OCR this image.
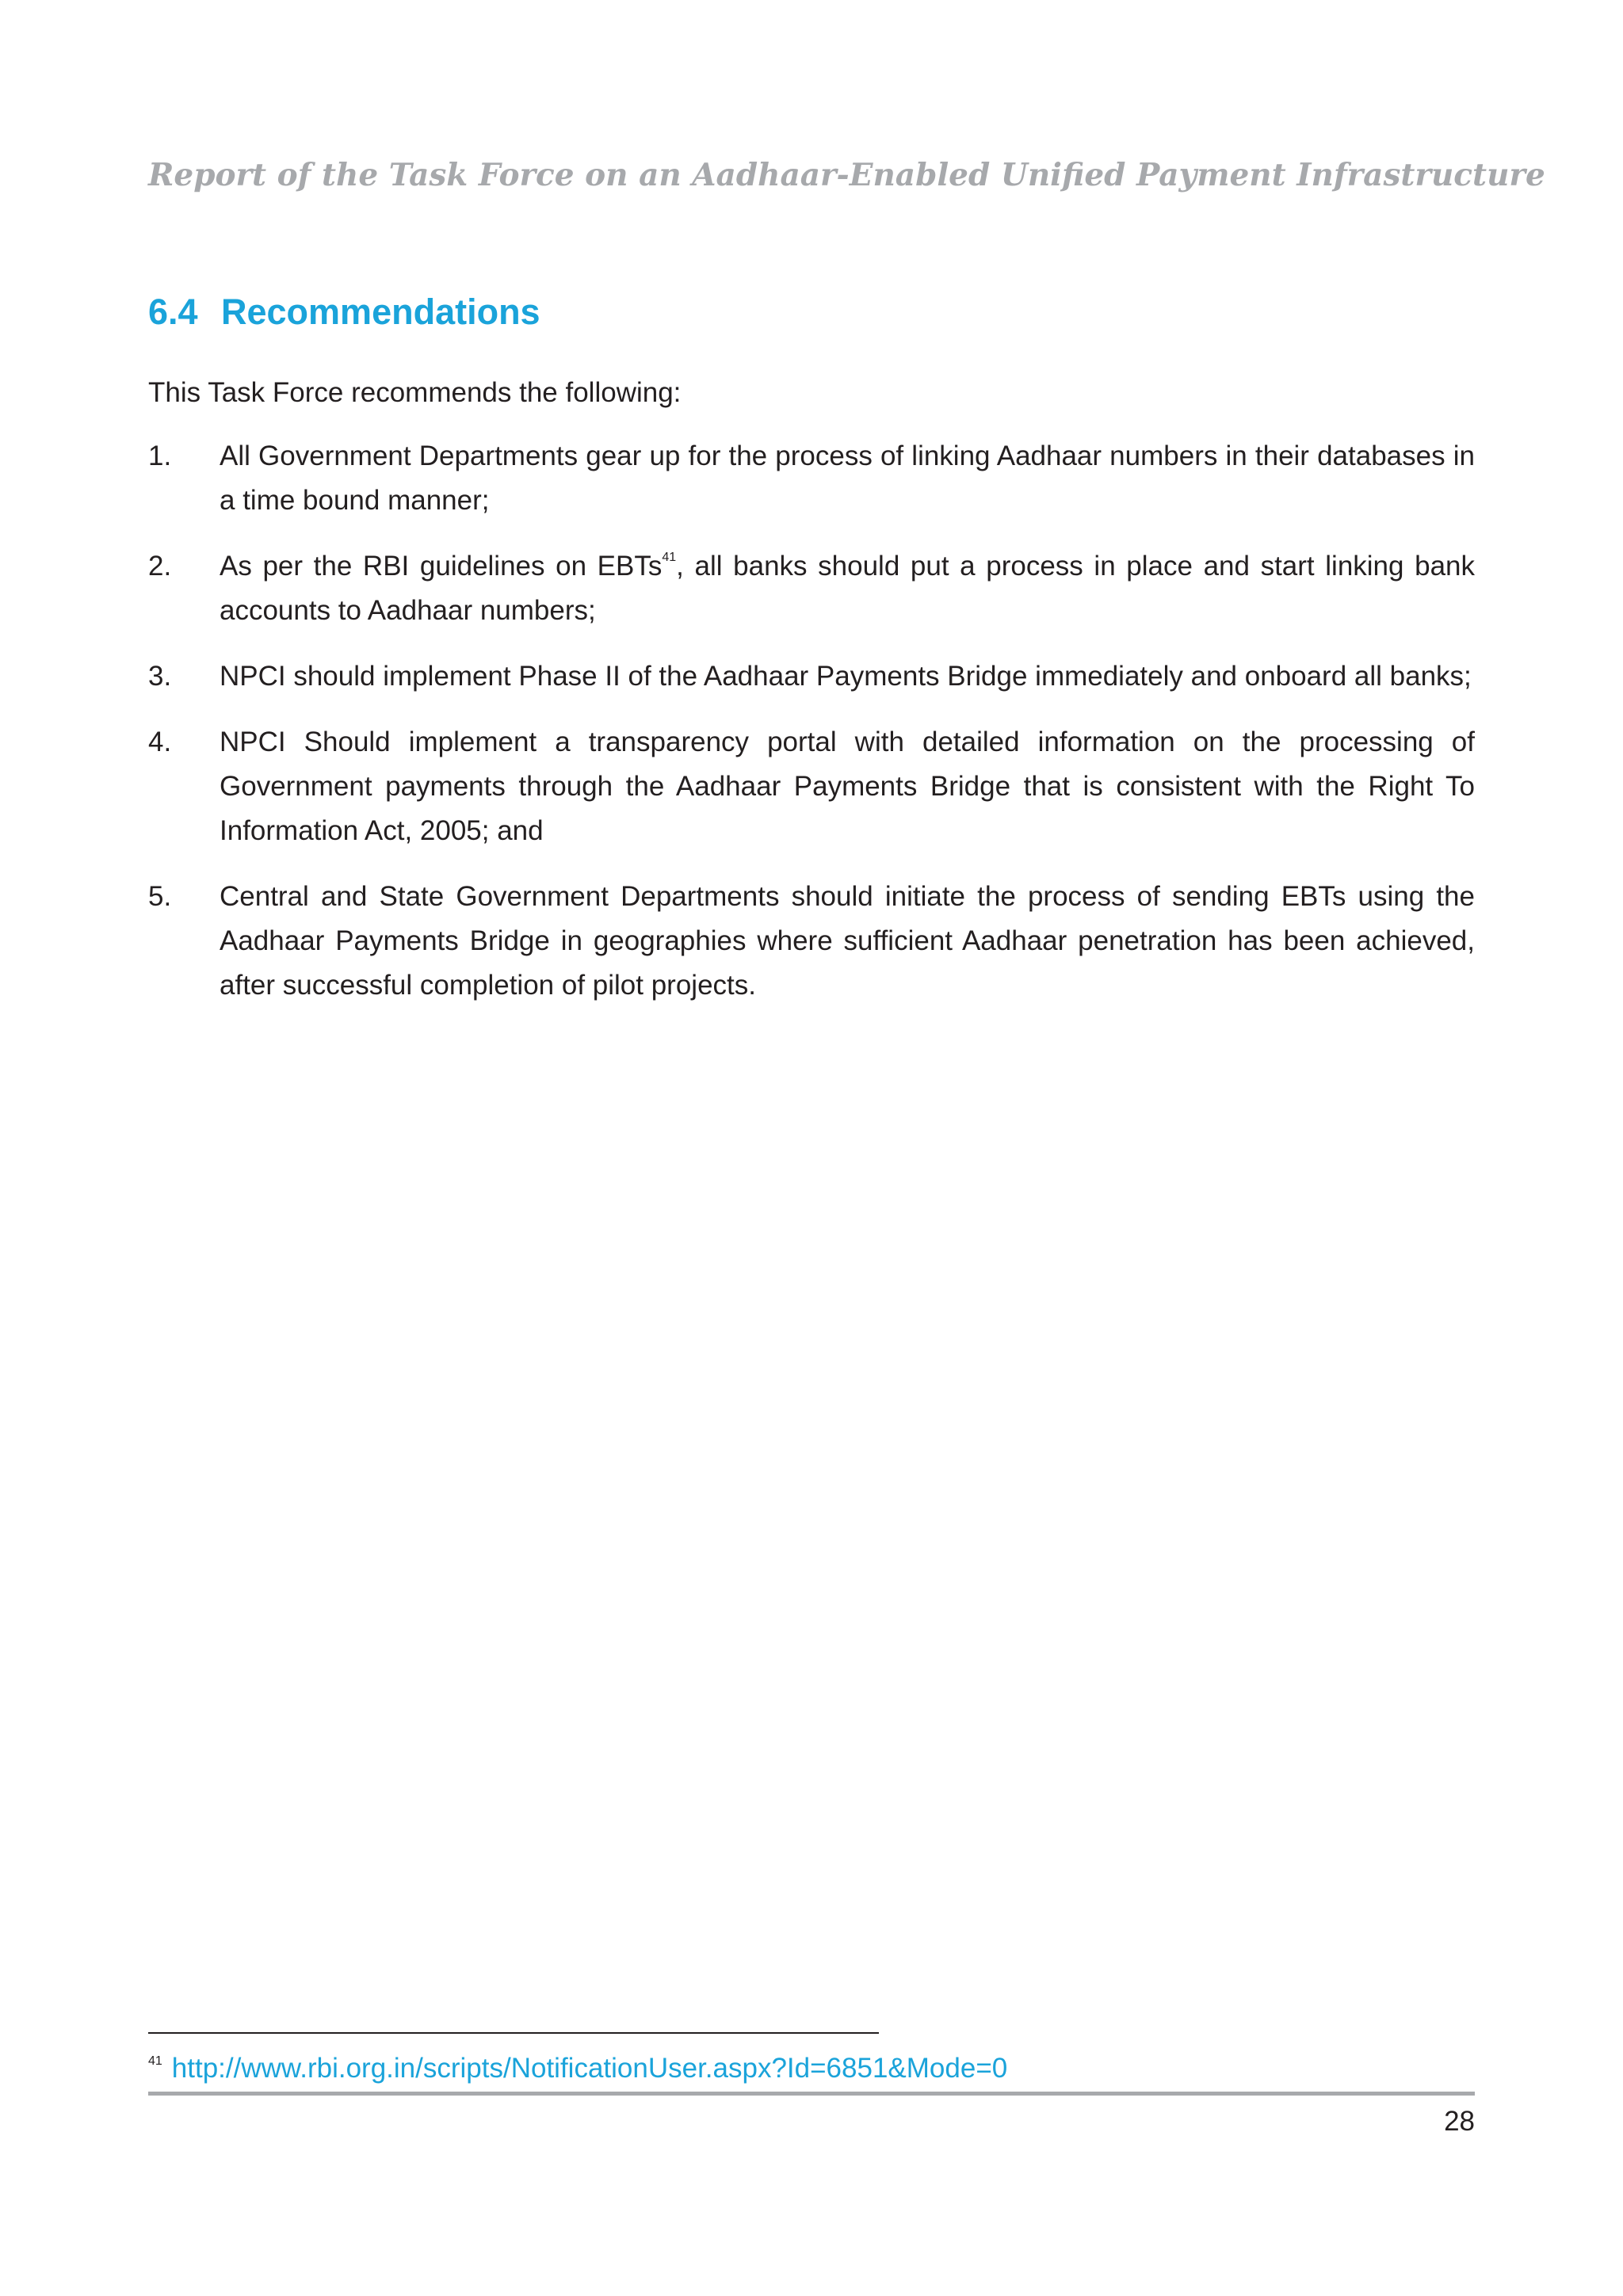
Report of the Task Force on an Aadhaar-Enabled Unified Payment Infrastructure
6.4 Recommendations

This Task Force recommends the following:

1. All Government Departments gear up for the process of linking Aadhaar numbers in their databases in a time bound manner;
2. As per the RBI guidelines on EBTs$^{41}$, all banks should put a process in place and start linking bank accounts to Aadhaar numbers;
3. NPCI should implement Phase II of the Aadhaar Payments Bridge immediately and onboard all banks;
4. NPCI Should implement a transparency portal with detailed information on the processing of Government payments through the Aadhaar Payments Bridge that is consistent with the Right To Information Act, 2005; and
5. Central and State Government Departments should initiate the process of sending EBTs using the Aadhaar Payments Bridge in geographies where sufficient Aadhaar penetration has been achieved, after successful completion of pilot projects.
$^{41}$ http://www.rbi.org.in/scripts/NotificationUser.aspx?Id=6851&Mode=0
28
